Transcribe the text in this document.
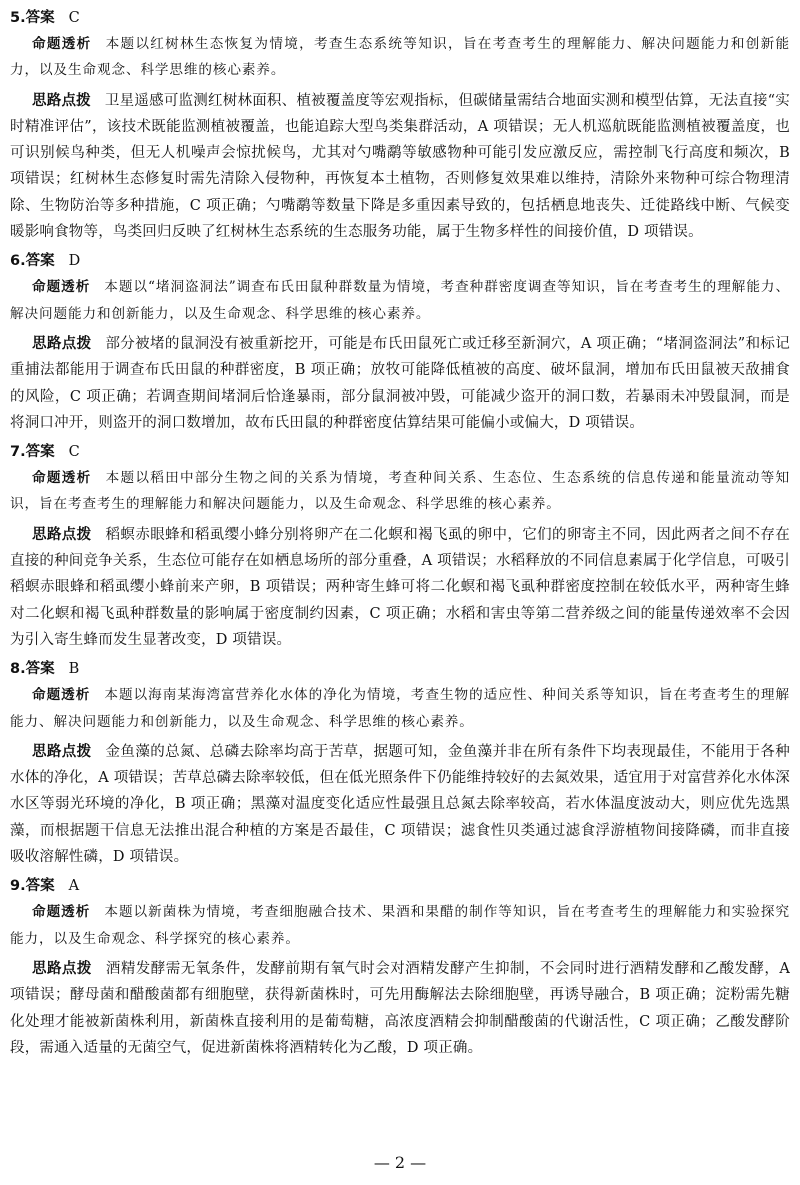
5.答案 C

命题透析 本题以红树林生态恢复为情境，考查生态系统等知识，旨在考查考生的理解能力、解决问题能力和创新能力，以及生命观念、科学思维的核心素养。

思路点拨 卫星遥感可监测红树林面积、植被覆盖度等宏观指标，但碳储量需结合地面实测和模型估算，无法直接“实时精准评估”，该技术既能监测植被覆盖，也能追踪大型鸟类集群活动，A 项错误；无人机巡航既能监测植被覆盖度，也可识别候鸟种类，但无人机噪声会惊扰候鸟，尤其对勺嘴鹬等敏感物种可能引发应激反应，需控制飞行高度和频次，B 项错误；红树林生态修复时需先清除入侵物种，再恢复本土植物，否则修复效果难以维持，清除外来物种可综合物理清除、生物防治等多种措施，C 项正确；勺嘴鹬等数量下降是多重因素导致的，包括栖息地丧失、迁徙路线中断、气候变暖影响食物等，鸟类回归反映了红树林生态系统的生态服务功能，属于生物多样性的间接价值，D 项错误。

6.答案 D

命题透析 本题以“堵洞盗洞法”调查布氏田鼠种群数量为情境，考查种群密度调查等知识，旨在考查考生的理解能力、解决问题能力和创新能力，以及生命观念、科学思维的核心素养。

思路点拨 部分被堵的鼠洞没有被重新挖开，可能是布氏田鼠死亡或迁移至新洞穴，A 项正确；“堵洞盗洞法”和标记重捕法都能用于调查布氏田鼠的种群密度，B 项正确；放牧可能降低植被的高度、破坏鼠洞，增加布氏田鼠被天敌捕食的风险，C 项正确；若调查期间堵洞后恰逢暴雨，部分鼠洞被冲毁，可能减少盗开的洞口数，若暴雨未冲毁鼠洞，而是将洞口冲开，则盗开的洞口数增加，故布氏田鼠的种群密度估算结果可能偏小或偏大，D 项错误。

7.答案 C

命题透析 本题以稻田中部分生物之间的关系为情境，考查种间关系、生态位、生态系统的信息传递和能量流动等知识，旨在考查考生的理解能力和解决问题能力，以及生命观念、科学思维的核心素养。

思路点拨 稻螟赤眼蜂和稻虱缨小蜂分别将卵产在二化螟和褐飞虱的卵中，它们的卵寄主不同，因此两者之间不存在直接的种间竞争关系，生态位可能存在如栖息场所的部分重叠，A 项错误；水稻释放的不同信息素属于化学信息，可吸引稻螟赤眼蜂和稻虱缨小蜂前来产卵，B 项错误；两种寄生蜂可将二化螟和褐飞虱种群密度控制在较低水平，两种寄生蜂对二化螟和褐飞虱种群数量的影响属于密度制约因素，C 项正确；水稻和害虫等第二营养级之间的能量传递效率不会因为引入寄生蜂而发生显著改变，D 项错误。

8.答案 B

命题透析 本题以海南某海湾富营养化水体的净化为情境，考查生物的适应性、种间关系等知识，旨在考查考生的理解能力、解决问题能力和创新能力，以及生命观念、科学思维的核心素养。

思路点拨 金鱼藻的总氮、总磷去除率均高于苦草，据题可知，金鱼藻并非在所有条件下均表现最佳，不能用于各种水体的净化，A 项错误；苦草总磷去除率较低，但在低光照条件下仍能维持较好的去氮效果，适宜用于对富营养化水体深水区等弱光环境的净化，B 项正确；黑藻对温度变化适应性最强且总氮去除率较高，若水体温度波动大，则应优先选黑藻，而根据题干信息无法推出混合种植的方案是否最佳，C 项错误；滤食性贝类通过滤食浮游植物间接降磷，而非直接吸收溶解性磷，D 项错误。

9.答案 A

命题透析 本题以新菌株为情境，考查细胞融合技术、果酒和果醋的制作等知识，旨在考查考生的理解能力和实验探究能力，以及生命观念、科学探究的核心素养。

思路点拨 酒精发酵需无氧条件，发酵前期有氧气时会对酒精发酵产生抑制，不会同时进行酒精发酵和乙酸发酵，A 项错误；酵母菌和醋酸菌都有细胞壁，获得新菌株时，可先用酶解法去除细胞壁，再诱导融合，B 项正确；淀粉需先糖化处理才能被新菌株利用，新菌株直接利用的是葡萄糖，高浓度酒精会抑制醋酸菌的代谢活性，C 项正确；乙酸发酵阶段，需通入适量的无菌空气，促进新菌株将酒精转化为乙酸，D 项正确。

— 2 —
